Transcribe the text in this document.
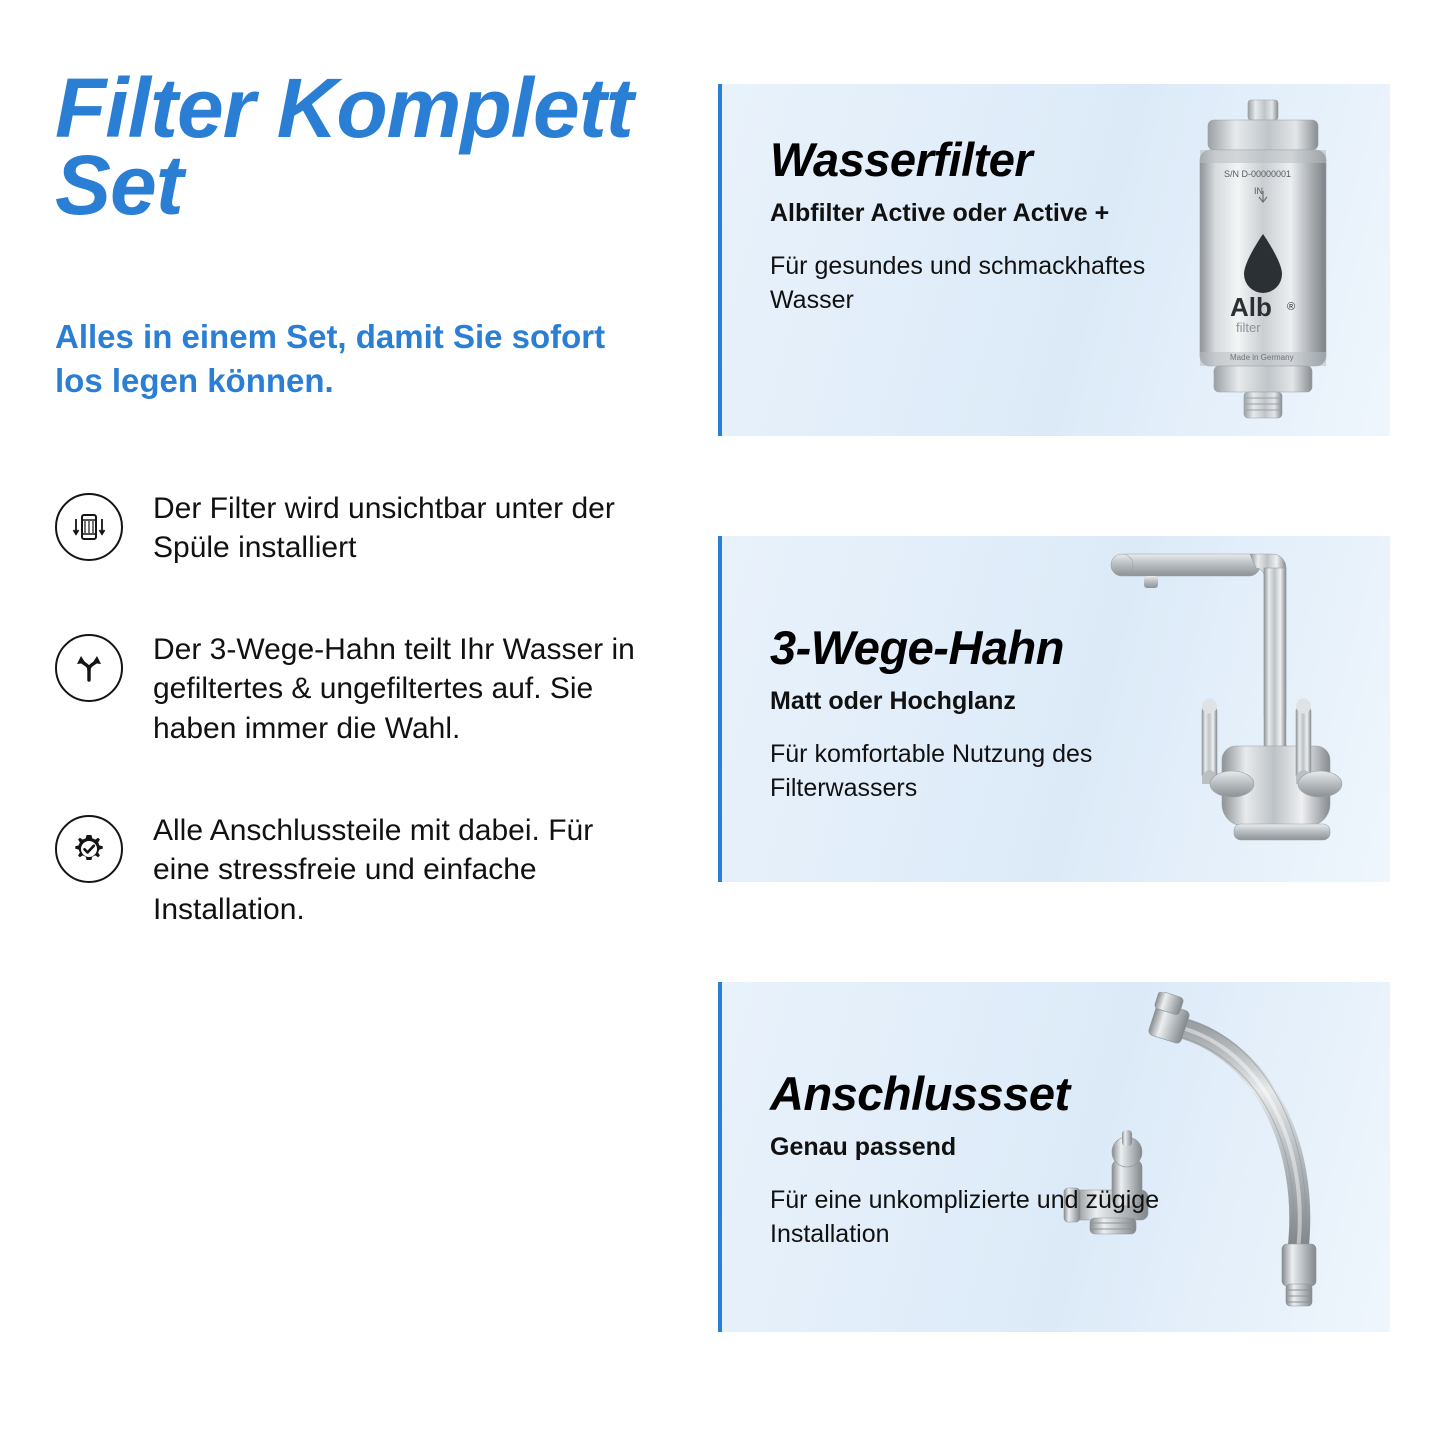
Filter Komplett Set
Alles in einem Set, damit Sie sofort los legen können.
Der Filter wird unsichtbar unter der Spüle installiert
Der 3-Wege-Hahn teilt Ihr Wasser in gefiltertes & ungefiltertes auf. Sie haben immer die Wahl.
Alle Anschlussteile mit dabei. Für eine stressfreie und einfache Installation.
S/N D-00000001
IN
Alb ®
filter
Made in Germany
Wasserfilter
Albfilter Active oder Active +

Für gesundes und schmackhaftes Wasser

3-Wege-Hahn
Matt oder Hochglanz

Für komfortable Nutzung des Filterwassers

Anschlussset
Genau passend

Für eine unkomplizierte und zügige Installation
